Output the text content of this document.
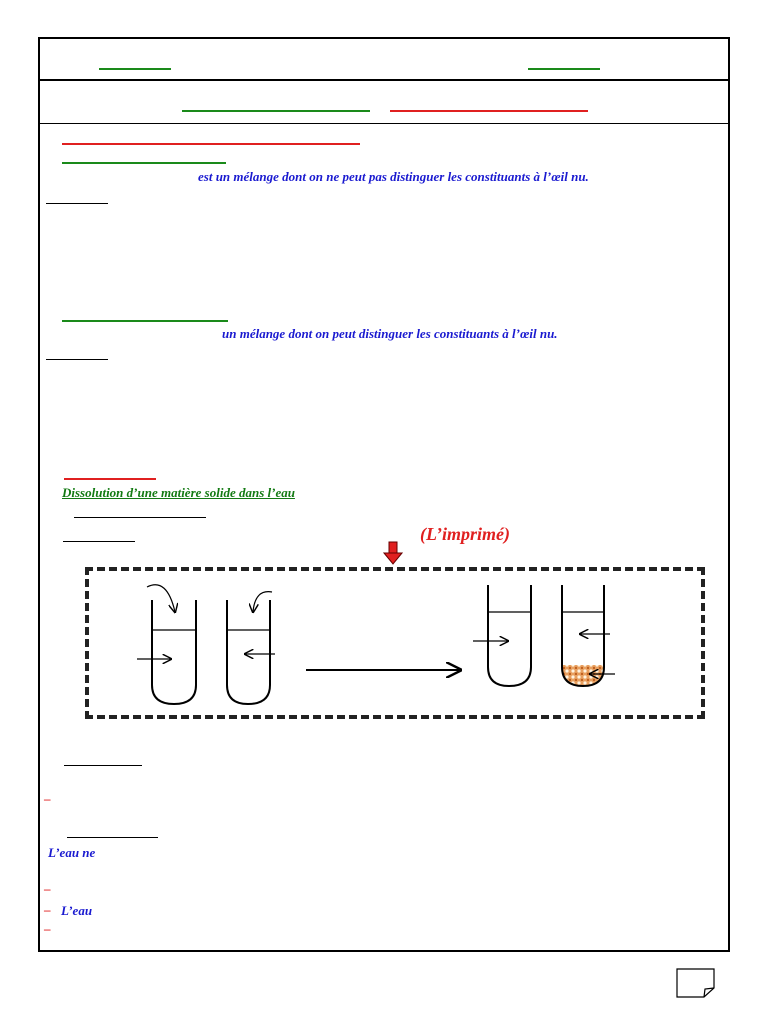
est un mélange dont on ne peut pas distinguer les constituants à l’œil nu.
un mélange dont on peut distinguer les constituants à l’œil nu.
Dissolution d’une matière solide dans l’eau
(L’imprimé)
–
L’eau ne
–
– L’eau
–
